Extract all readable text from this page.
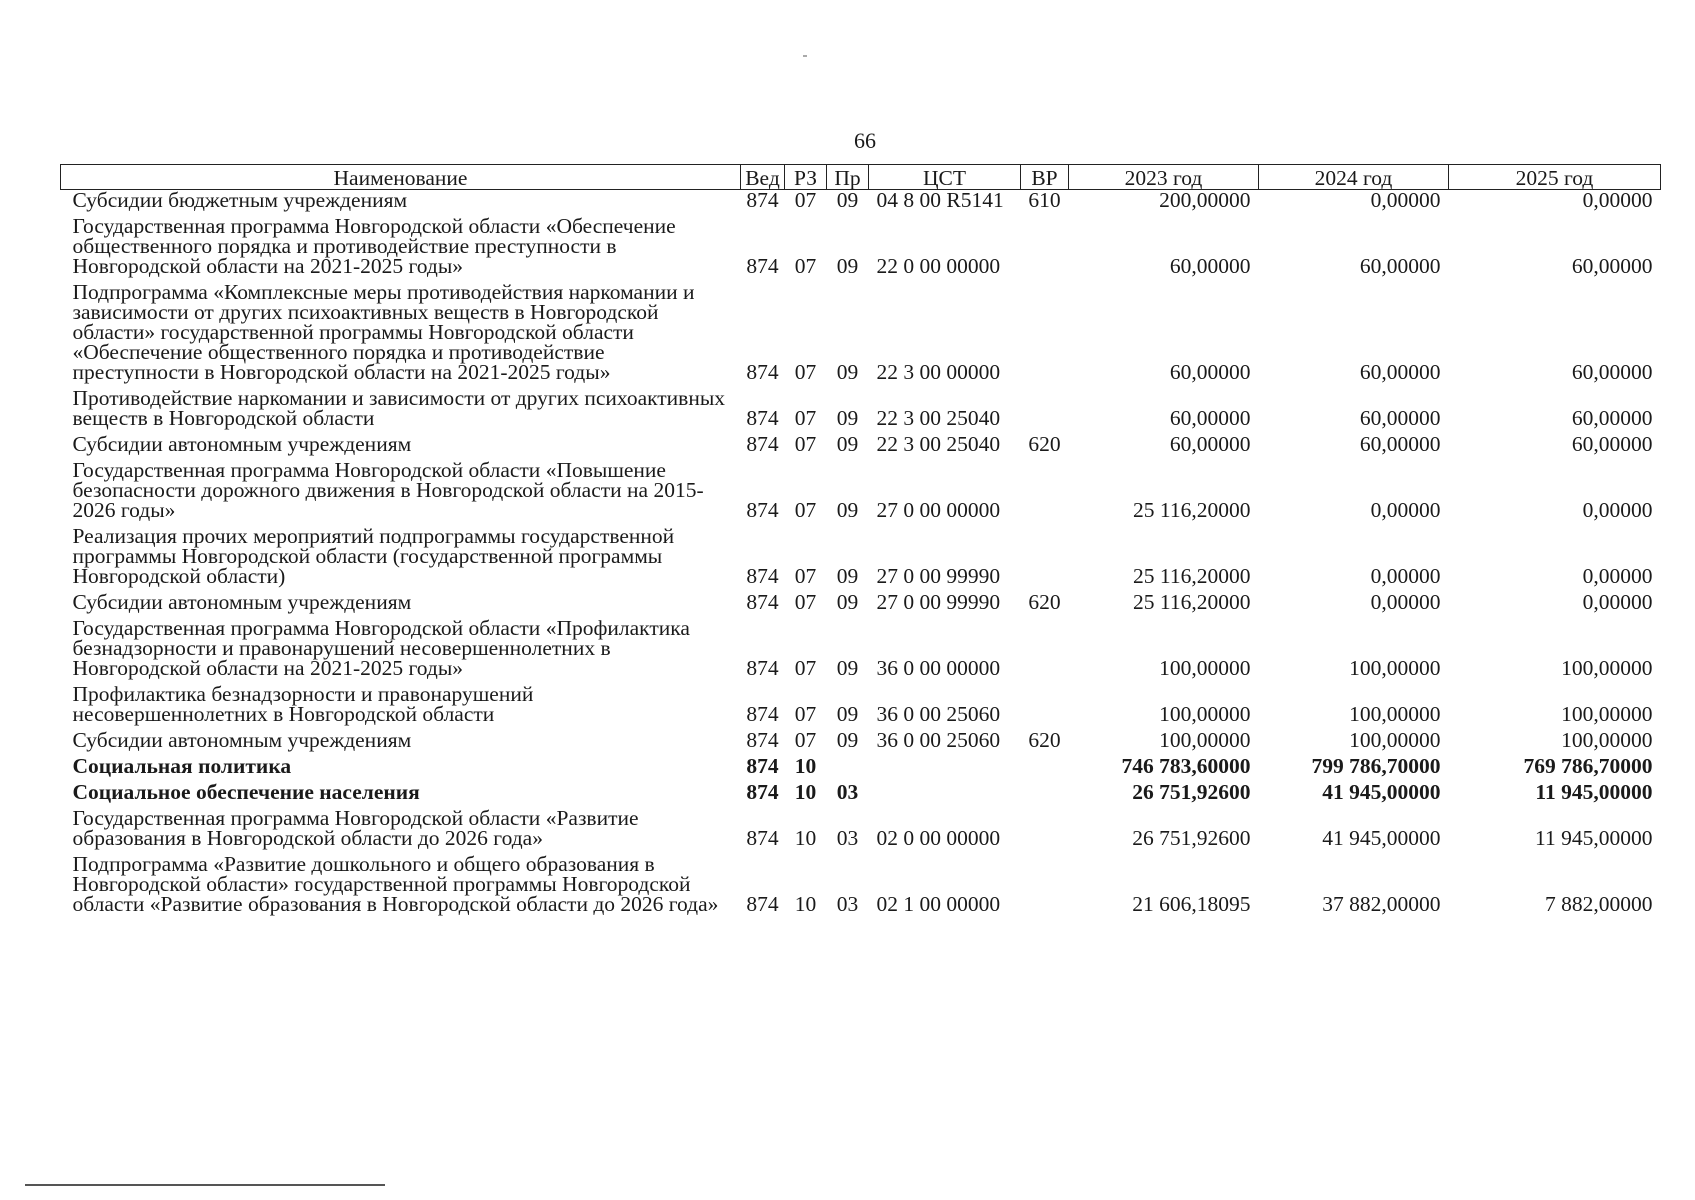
66
Наименование	Вед	РЗ	Пр	ЦСТ	ВР	2023 год	2024 год	2025 год
Субсидии бюджетным учреждениям	874	07	09	04 8 00 R5141	610	200,00000	0,00000	0,00000
Государственная программа Новгородской области «Обеспечение общественного порядка и противодействие преступности в Новгородской области на 2021-2025 годы»	874	07	09	22 0 00 00000		60,00000	60,00000	60,00000
Подпрограмма «Комплексные меры противодействия наркомании и зависимости от других психоактивных веществ в Новгородской области» государственной программы Новгородской области «Обеспечение общественного порядка и противодействие преступности в Новгородской области на 2021-2025 годы»	874	07	09	22 3 00 00000		60,00000	60,00000	60,00000
Противодействие наркомании и зависимости от других психоактивных веществ в Новгородской области	874	07	09	22 3 00 25040		60,00000	60,00000	60,00000
Субсидии автономным учреждениям	874	07	09	22 3 00 25040	620	60,00000	60,00000	60,00000
Государственная программа Новгородской области «Повышение безопасности дорожного движения в Новгородской области на 2015-2026 годы»	874	07	09	27 0 00 00000		25 116,20000	0,00000	0,00000
Реализация прочих мероприятий подпрограммы государственной программы Новгородской области (государственной программы Новгородской области)	874	07	09	27 0 00 99990		25 116,20000	0,00000	0,00000
Субсидии автономным учреждениям	874	07	09	27 0 00 99990	620	25 116,20000	0,00000	0,00000
Государственная программа Новгородской области «Профилактика безнадзорности и правонарушений несовершеннолетних в Новгородской области на 2021-2025 годы»	874	07	09	36 0 00 00000		100,00000	100,00000	100,00000
Профилактика безнадзорности и правонарушений несовершеннолетних в Новгородской области	874	07	09	36 0 00 25060		100,00000	100,00000	100,00000
Субсидии автономным учреждениям	874	07	09	36 0 00 25060	620	100,00000	100,00000	100,00000
Социальная политика	874	10				746 783,60000	799 786,70000	769 786,70000
Социальное обеспечение населения	874	10	03			26 751,92600	41 945,00000	11 945,00000
Государственная программа Новгородской области «Развитие образования в Новгородской области до 2026 года»	874	10	03	02 0 00 00000		26 751,92600	41 945,00000	11 945,00000
Подпрограмма «Развитие дошкольного и общего образования в Новгородской области» государственной программы Новгородской области «Развитие образования в Новгородской области до 2026 года»	874	10	03	02 1 00 00000		21 606,18095	37 882,00000	7 882,00000
